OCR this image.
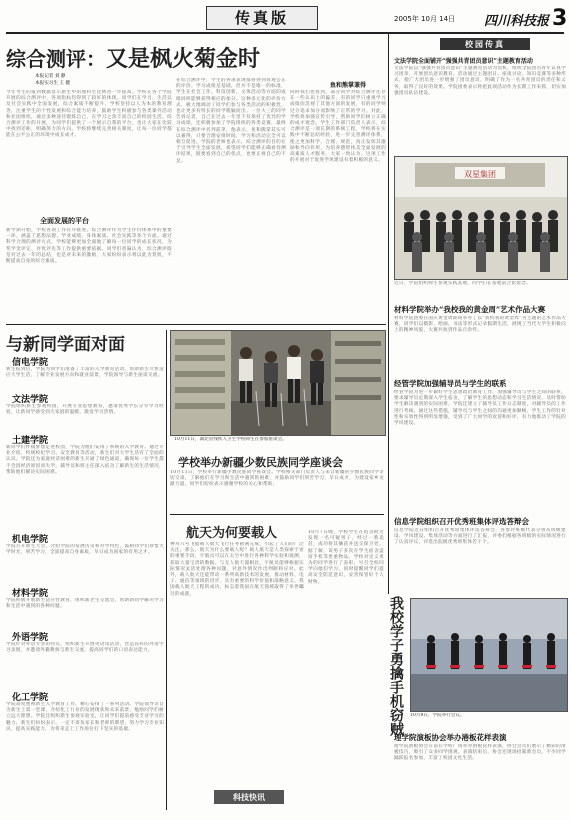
传真版	2005年 10月 14日 四川科技报 3
综合测评：又是枫火菊金时
本报记者 刘 静
本报实习生 王 健
今年考生的报到数据显示新生中的理科生比例进一步提高。学校在各个学院开展的综合测评中，各项指标均得到了较好的体现。同学们在学习、生活以及社会实践中全面发展，综合素质不断提升，学校坚持以人为本的教育理念，注重学生的个性发展和综合能力培养，鼓励学生积极参与各类课外活动和社团组织，通过多种途径锻炼自己，在学习之余丰富自己的校园生活。综合测评工作的开展，为同学们提供了一个展示自我的平台，也让大家在比较中找到差距，明确努力的方向。学校将继续完善相关制度，让每一位同学都能在公平公正的环境中成长成才。
全面发展的平台
新学期开始，学校各项工作有序推进。综合测评作为学生评价体系中的重要一环，涵盖了思想品德、学业成绩、身体素质、社会实践等多个方面。通过科学合理的测评方式，学校能够更加全面地了解每一位同学的成长状况，为奖学金评定、评优评先等工作提供重要依据。同学们普遍认为，综合测评既是对过去一年的总结，也是对未来的激励，大家纷纷表示将以此为契机，不断提高自身的综合素质。
在综合测评中，学生的各项表现都将得到客观公正的评价。学习成绩是基础，但并不是唯一的标准，学生在社会工作、科技创新、文体活动等方面的成绩同样能够获得相应的加分。这种多元化的评价方式，极大地调动了同学们参与各类活动的积极性，也让更多有特长的同学脱颖而出。一位大三的同学告诉记者，自己在过去一年里不仅保持了优异的学习成绩，还积极参加了学院组织的各类竞赛，最终在综合测评中名列前茅。他表示，鱼和熊掌其实可以兼得，只要合理安排时间，学习和活动完全可以相互促进。学院的老师也表示，综合测评的目的在于引导学生全面发展，希望同学们能够正确看待测评结果，既要看到自己的优点，也要正视自己的不足。
鱼和熊掌兼得
同时我们也看到，部分同学对综合测评还存在一些认识上的偏差，有的同学只重视学习成绩而忽视了其他方面的发展，有的同学则过分追求加分而影响了正常的学习。对此，学校将加强宣传引导，帮助同学们树立正确的成才观念。学生工作部门负责人表示，综合测评是一项长期的系统工程，学校将在实践中不断总结经验，进一步完善测评体系，使之更加科学、合理、规范，真正发挥其激励和导向作用，为培养德智体美全面发展的高素质人才服务。大家一致认为，这项工作的开展对于促进学风建设有着积极的意义。
与新同学面对面
信电学院
新生报到后，学院为同学们准备了丰富的入学教育活动，帮助新生尽快适应大学生活，了解专业发展方向和就业前景，学院领导与新生座谈交流。
文法学院
学院组织新生参观校园，开展专业思想教育，邀请优秀学长分享学习经验，让新同学感受到大家庭的温暖，激发学习热情。
土建学院
新同学们怀揣梦想走进校园，学院为他们安排了系统的入学教育。通过专业介绍、校规校纪学习、安全教育等活动，新生们对大学生活有了全面的认识。学院还为家庭经济困难的新生开通了绿色通道，确保每一位学生都不会因经济原因而失学。辅导员和班主任深入宿舍了解新生的生活情况，帮助他们解决实际困难。
机电学院
学院召开新生大会，介绍学院的发展历史和办学特色，鼓励同学们珍惜大学时光，刻苦学习，全面提高自身素质，早日成为国家的有用之才。
材料学院
学院积极开展新生适应性教育，组织新老生交流会，帮助新同学解决学习和生活中遇到的各种问题。
外语学院
学院针对外语专业的特点，组织新生开展英语角活动，营造良好的外语学习氛围，并邀请外籍教师与新生交流，提高同学们的口语表达能力。
化工学院
学院高度重视新生入学教育工作，精心安排了一系列活动。学院领导亲自为新生上第一堂课，介绍化工行业的发展现状和未来前景，勉励同学们树立远大理想。学院还组织新生参观实验室，让同学们提前感受专业学习的魅力。新生们纷纷表示，一定不辜负家长和老师的期望，努力学习专业知识，提高实践能力，为将来走上工作岗位打下坚实的基础。
10月11日，湖北省残疾人卫生学校师生在参加座谈会。
学校举办新疆少数民族同学座谈会
10月11日，学校举行新疆少数民族同学座谈会。学校相关部门负责人与来自新疆的少数民族同学亲切交谈，了解他们在学习和生活中遇到的困难，并鼓励同学们刻苦学习，早日成才，为建设家乡贡献力量。同学们纷纷表示感谢学校的关心和帮助。
航天为何要载人
神舟六号飞船载人航天飞行任务圆满完成，引起了人们的广泛关注。那么，航天为什么要载人呢？载人航天是人类探索宇宙的重要手段，宇航员可以在太空中进行各种科学实验和观测，获取大量宝贵的数据。与无人航天器相比，宇航员能够根据实际情况灵活处理各种问题，对意外情况作出判断和应对。此外，载人航天还能带动一系列高新技术的发展，推动材料、电子、通信等领域的进步，具有重要的科学价值和战略意义。我国载人航天工程的成功，标志着我国在航天领域取得了举世瞩目的成就。
10月7日晚，学校学生在宿舍附近发现一名可疑男子，经过一番追赶，成功将其擒获并送交保卫处。据了解，该男子多次在学生宿舍盗窃手机等贵重物品。学校对见义勇为的同学进行了表彰，号召全校同学向他们学习，同时提醒同学们提高安全防范意识，妥善保管好个人财物。
科技快讯
我校学子勇擒手机窃贼
校园传真
文法学院全面铺开“强强共青团员意识”主题教育活动
文法学院以“强强共青团员意识”主题教育活动为契机，组织全院团员青年认真学习团章，开展团员意识教育。活动通过主题团日、座谈讨论、知识竞赛等多种形式，使广大团员进一步增强了团员意识，明确了作为一名共青团员的责任和义务，取得了良好的效果。学院团委表示将把此项活动作为长期工作来抓，切实加强团员队伍建设。
双星集团
近日，学院组织师生参观实践基地，同学们在基地前合影留念。
材料学院举办“我校我的黄金周”艺术作品大赛
材料学院团委在国庆黄金周期间举办了以“我校我的黄金周”为主题的艺术作品大赛，同学们以摄影、绘画、书法等形式记录假期生活，展现了当代大学生积极向上的精神风貌，大赛共收到作品百余件。
经管学院加强辅导员与学生的联系
经管学院为进一步做好学生思想政治教育工作，加强辅导员与学生之间的联系，要求辅导员定期深入学生宿舍，了解学生的思想动态和学习生活情况，及时帮助学生解决遇到的实际困难。学院还建立了辅导员工作日志制度，对辅导员的工作进行考核。通过这些措施，辅导员与学生之间的沟通更加顺畅，学生工作的针对性和实效性得到明显增强，受到了广大同学的欢迎和好评，有力地推动了学院的学风建设。
信息学院组织召开优秀班集体评选答辩会
信息学院近日组织召开优秀班集体评选答辩会，各参评班级代表分别从班级建设、学风建设、集体活动等方面进行了汇报，评委们根据各班级的实际情况进行了认真评议，评选出院级优秀班集体若干个。
10月8日，学院举行会议。
理学院演板协会举办港板花样表演
理学院滑板协会日前在学校广场举办滑板花样表演，协会会员们展示了精彩的滑板技巧，吸引了众多同学围观。表演结束后，协会还现场招募新会员，不少同学踊跃报名参加，丰富了校园文化生活。
